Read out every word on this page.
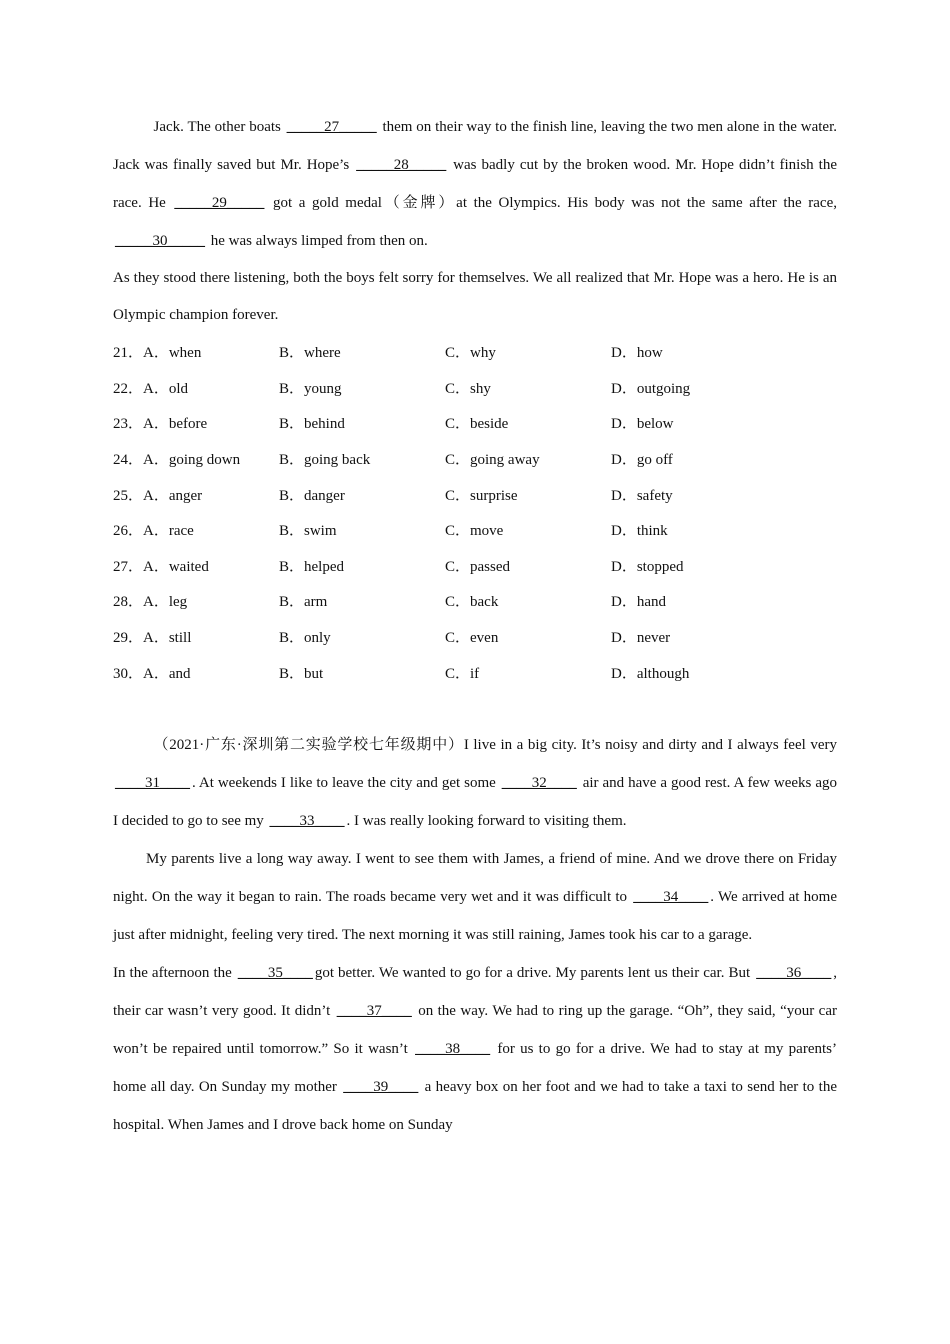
Jack. The other boats _____27_____ them on their way to the finish line, leaving the two men alone in the water. Jack was finally saved but Mr. Hope’s _____28_____ was badly cut by the broken wood. Mr. Hope didn’t finish the race. He _____29_____ got a gold medal（金牌）at the Olympics. His body was not the same after the race, _____30_____ he was always limped from then on.

As they stood there listening, both the boys felt sorry for themselves. We all realized that Mr. Hope was a hero. He is an Olympic champion forever.

21．A．when	B．where	C．why	D．how
22．A．old	B．young	C．shy	D．outgoing
23．A．before	B．behind	C．beside	D．below
24．A．going down	B．going back	C．going away	D．go off
25．A．anger	B．danger	C．surprise	D．safety
26．A．race	B．swim	C．move	D．think
27．A．waited	B．helped	C．passed	D．stopped
28．A．leg	B．arm	C．back	D．hand
29．A．still	B．only	C．even	D．never
30．A．and	B．but	C．if	D．although

（2021·广东·深圳第二实验学校七年级期中）I live in a big city. It’s noisy and dirty and I always feel very ____31____ . At weekends I like to leave the city and get some ____32____ air and have a good rest. A few weeks ago I decided to go to see my ____33____ . I was really looking forward to visiting them.

My parents live a long way away. I went to see them with James, a friend of mine. And we drove there on Friday night. On the way it began to rain. The roads became very wet and it was difficult to ____34____ . We arrived at home just after midnight, feeling very tired. The next morning it was still raining, James took his car to a garage.

In the afternoon the ____35____ got better. We wanted to go for a drive. My parents lent us their car. But ____36____ , their car wasn’t very good. It didn’t ____37____ on the way. We had to ring up the garage. “Oh”, they said, “your car won’t be repaired until tomorrow.” So it wasn’t ____38____ for us to go for a drive. We had to stay at my parents’ home all day. On Sunday my mother ____39____ a heavy box on her foot and we had to take a taxi to send her to the hospital. When James and I drove back home on Sunday
